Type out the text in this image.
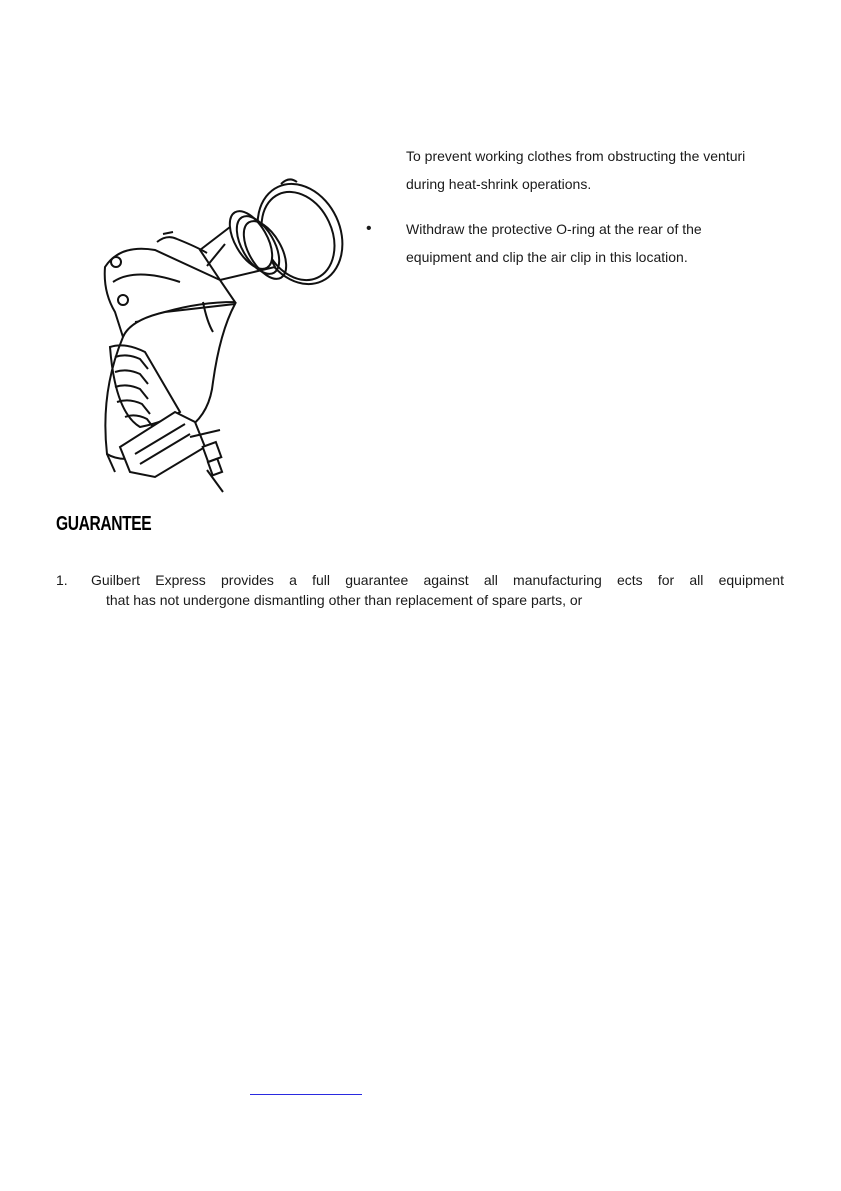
To prevent working clothes from obstructing the venturi during heat-shrink operations.

• Withdraw the protective O-ring at the rear of the equipment and clip the air clip in this location.
GUARANTEE
1. Guilbert Express provides a full guarantee against all manufacturing ects for all equipment
that has not undergone dismantling other than replacement of spare parts, or
